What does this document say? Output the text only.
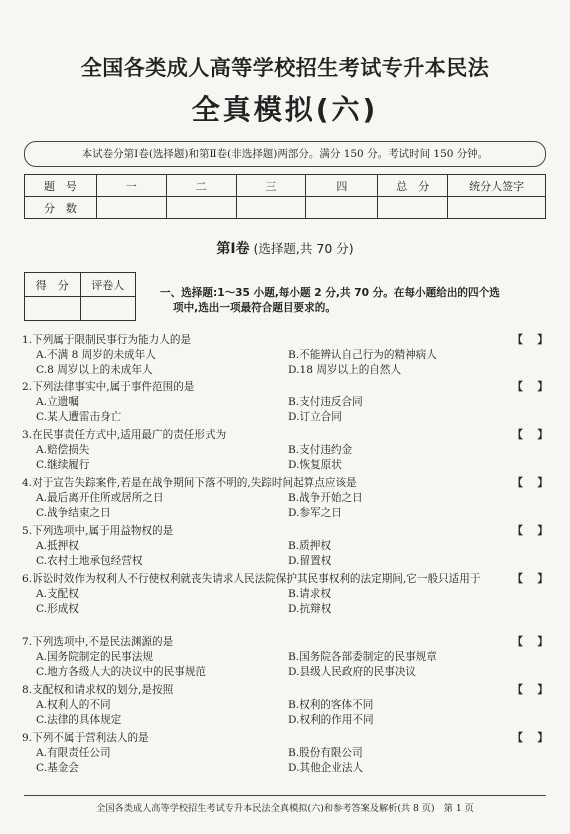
全国各类成人高等学校招生考试专升本民法
全真模拟(六)
本试卷分第Ⅰ卷(选择题)和第Ⅱ卷(非选择题)两部分。满分 150 分。考试时间 150 分钟。
题　号	一	二	三	四	总　分	统分人签字
分　数						
第Ⅰ卷 (选择题,共 70 分)
得　分	评卷人

一、选择题:1～35 小题,每小题 2 分,共 70 分。在每小题给出的四个选
项中,选出一项最符合题目要求的。
1.下列属于限制民事行为能力人的是	【　】
A.不满 8 周岁的未成年人	B.不能辨认自己行为的精神病人
C.8 周岁以上的未成年人	D.18 周岁以上的自然人
2.下列法律事实中,属于事件范围的是	【　】
A.立遗嘱	B.支付违反合同
C.某人遭雷击身亡	D.订立合同
3.在民事责任方式中,适用最广的责任形式为	【　】
A.赔偿损失	B.支付违约金
C.继续履行	D.恢复原状
4.对于宣告失踪案件,若是在战争期间下落不明的,失踪时间起算点应该是	【　】
A.最后离开住所或居所之日	B.战争开始之日
C.战争结束之日	D.参军之日
5.下列选项中,属于用益物权的是	【　】
A.抵押权	B.质押权
C.农村土地承包经营权	D.留置权
6.诉讼时效作为权利人不行使权利就丧失请求人民法院保护其民事权利的法定期间,它一般只适用于	【　】
A.支配权	B.请求权
C.形成权	D.抗辩权
7.下列选项中,不是民法渊源的是	【　】
A.国务院制定的民事法规	B.国务院各部委制定的民事规章
C.地方各级人大的决议中的民事规范	D.县级人民政府的民事决议
8.支配权和请求权的划分,是按照	【　】
A.权利人的不同	B.权利的客体不同
C.法律的具体规定	D.权利的作用不同
9.下列不属于营利法人的是	【　】
A.有限责任公司	B.股份有限公司
C.基金会	D.其他企业法人
全国各类成人高等学校招生考试专升本民法全真模拟(六)和参考答案及解析(共 8 页)　第 1 页
